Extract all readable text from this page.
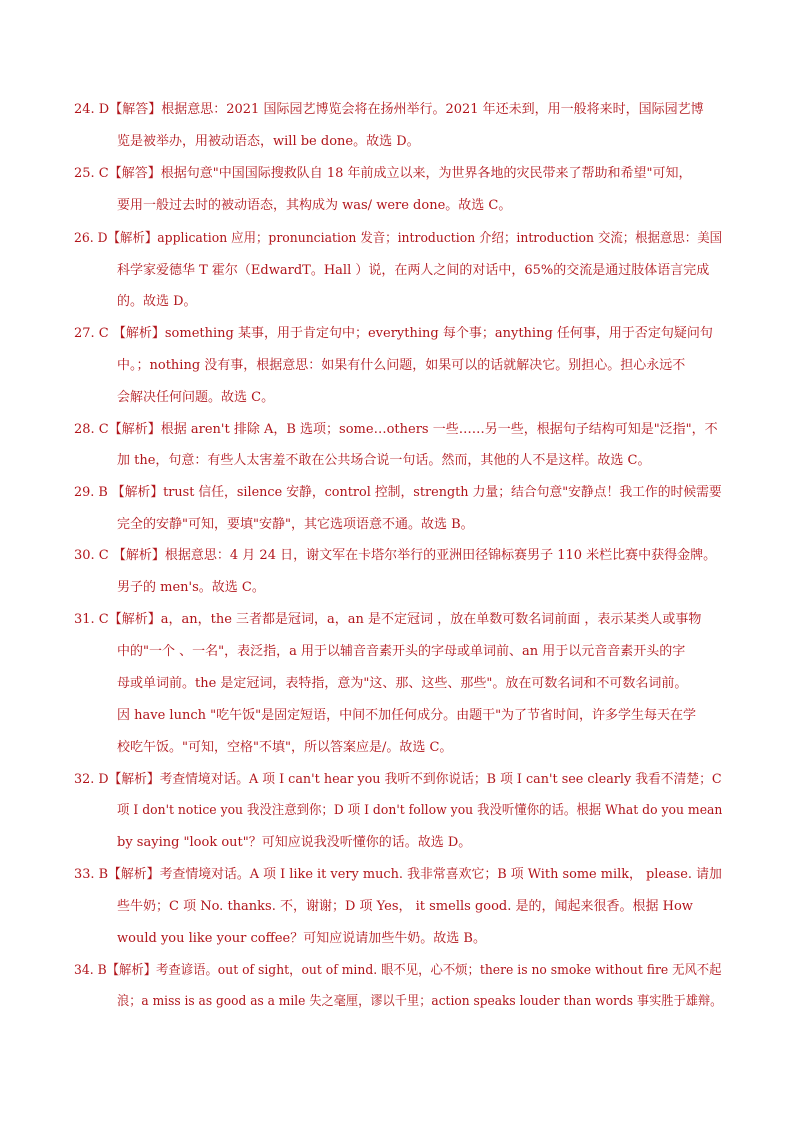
24. D【解答】根据意思：2021 国际园艺博览会将在扬州举行。2021 年还未到，用一般将来时，国际园艺博
览是被举办，用被动语态，will be done。故选 D。
25. C【解答】根据句意"中国国际搜救队自 18 年前成立以来，为世界各地的灾民带来了帮助和希望"可知，
要用一般过去时的被动语态，其构成为 was/ were done。故选 C。
26. D【解析】application 应用；pronunciation 发音；introduction 介绍；introduction 交流；根据意思：美国
科学家爱德华 T 霍尔（EdwardT。Hall ）说，在两人之间的对话中，65%的交流是通过肢体语言完成
的。故选 D。
27. C 【解析】something 某事，用于肯定句中；everything 每个事；anything 任何事，用于否定句疑问句
中。；nothing 没有事，根据意思：如果有什么问题，如果可以的话就解决它。别担心。担心永远不
会解决任何问题。故选 C。
28. C【解析】根据 aren't 排除 A，B 选项；some…others 一些……另一些，根据句子结构可知是"泛指"，不
加 the，句意：有些人太害羞不敢在公共场合说一句话。然而，其他的人不是这样。故选 C。
29. B 【解析】trust 信任，silence 安静，control 控制，strength 力量；结合句意"安静点！我工作的时候需要
完全的安静"可知，要填"安静"，其它选项语意不通。故选 B。
30. C 【解析】根据意思：4 月 24 日，谢文军在卡塔尔举行的亚洲田径锦标赛男子 110 米栏比赛中获得金牌。
男子的 men's。故选 C。
31. C【解析】a，an，the 三者都是冠词，a，an 是不定冠词 ，放在单数可数名词前面 ，表示某类人或事物
中的"一个 、一名"，表泛指，a 用于以辅音音素开头的字母或单词前、an 用于以元音音素开头的字
母或单词前。the 是定冠词，表特指，意为"这、那、这些、那些"。放在可数名词和不可数名词前。
因 have lunch "吃午饭"是固定短语，中间不加任何成分。由题干"为了节省时间，许多学生每天在学
校吃午饭。"可知，空格"不填"，所以答案应是/。故选 C。
32. D【解析】考查情境对话。A 项 I can't hear you 我听不到你说话；B 项 I can't see clearly 我看不清楚；C
项 I don't notice you 我没注意到你；D 项 I don't follow you 我没听懂你的话。根据 What do you mean
by saying "look out"？可知应说我没听懂你的话。故选 D。
33. B【解析】考查情境对话。A 项 I like it very much. 我非常喜欢它；B 项 With some milk， please. 请加
些牛奶；C 项 No. thanks. 不，谢谢；D 项 Yes， it smells good. 是的，闻起来很香。根据 How
would you like your coffee？可知应说请加些牛奶。故选 B。
34. B【解析】考查谚语。out of sight，out of mind. 眼不见，心不烦；there is no smoke without fire 无风不起
浪；a miss is as good as a mile 失之毫厘，谬以千里；action speaks louder than words 事实胜于雄辩。
